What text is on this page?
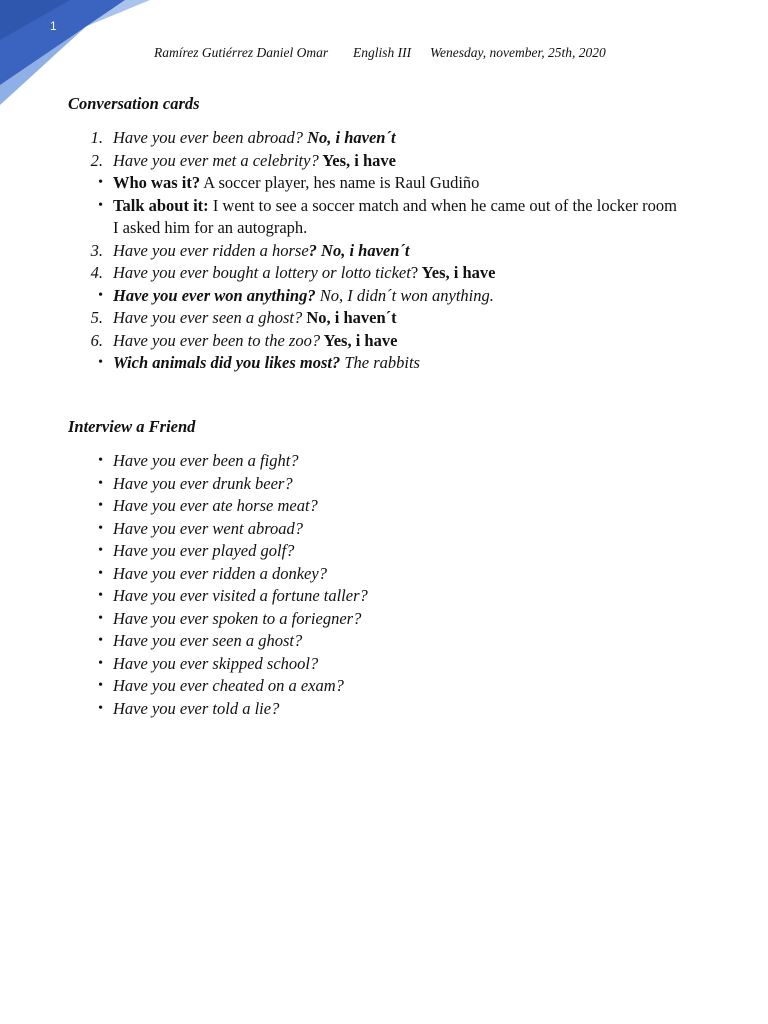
1
Ramírez Gutiérrez Daniel Omar English III Wenesday, november, 25th, 2020
Conversation cards
1. Have you ever been abroad? No, i haven´t
2. Have you ever met a celebrity? Yes, i have
• Who was it? A soccer player, hes name is Raul Gudiño
• Talk about it: I went to see a soccer match and when he came out of the locker room I asked him for an autograph.
3. Have you ever ridden a horse? No, i haven´t
4. Have you ever bought a lottery or lotto ticket? Yes, i have
• Have you ever won anything? No, I didn´t won anything.
5. Have you ever seen a ghost? No, i haven´t
6. Have you ever been to the zoo? Yes, i have
• Wich animals did you likes most? The rabbits
Interview a Friend
• Have you ever been a fight?
• Have you ever drunk beer?
• Have you ever ate horse meat?
• Have you ever went abroad?
• Have you ever played golf?
• Have you ever ridden a donkey?
• Have you ever visited a fortune taller?
• Have you ever spoken to a foriegner?
• Have you ever seen a ghost?
• Have you ever skipped school?
• Have you ever cheated on a exam?
• Have you ever told a lie?
